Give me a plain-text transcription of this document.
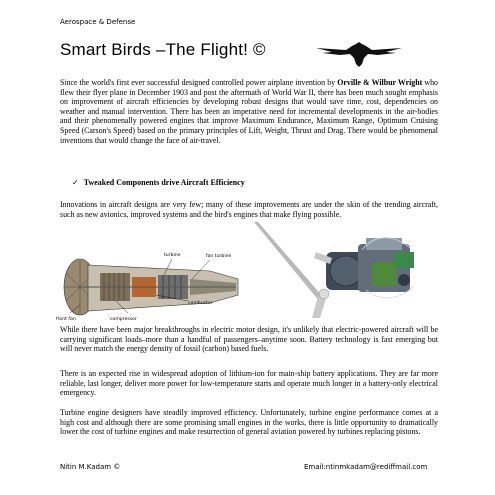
Aerospace & Defense
Smart Birds –The Flight! ©

Since the world's first ever successful designed controlled power airplane invention by Orville & Wilbur Wright who flew their flyer plane in December 1903 and post the aftermath of World War II, there has been much sought emphasis on improvement of aircraft efficiencies by developing robust designs that would save time, cost, dependencies on weather and manual intervention. There has been an imperative need for incremental developments in the air-bodies and their phenomenally powered engines that improve Maximum Endurance, Maximum Range, Optimum Cruising Speed (Carson's Speed) based on the primary principles of Lift, Weight, Thrust and Drag. There would be phenomenal inventions that would change the face of air-travel.

✓ Tweaked Components drive Aircraft Efficiency

Innovations in aircraft designs are very few; many of these improvements are under the skin of the trending aircraft, such as new avionics, improved systems and the bird's engines that make flying possible.

turbine	fan turbine
combustor
front fan	compressor

While there have been major breakthroughs in electric motor design, it's unlikely that electric-powered aircraft will be carrying significant loads–more than a handful of passengers–anytime soon. Battery technology is fast emerging but will never match the energy density of fossil (carbon) based fuels.

There is an expected rise in widespread adoption of lithium-ion for main-ship battery applications. They are far more reliable, last longer, deliver more power for low-temperature starts and operate much longer in a battery-only electrical emergency.

Turbine engine designers have steadily improved efficiency. Unfortunately, turbine engine performance comes at a high cost and although there are some promising small engines in the works, there is little opportunity to dramatically lower the cost of turbine engines and make resurrection of general aviation powered by turbines replacing pistons.

Nitin M.Kadam ©	Email:ntinmkadam@rediffmail.com
